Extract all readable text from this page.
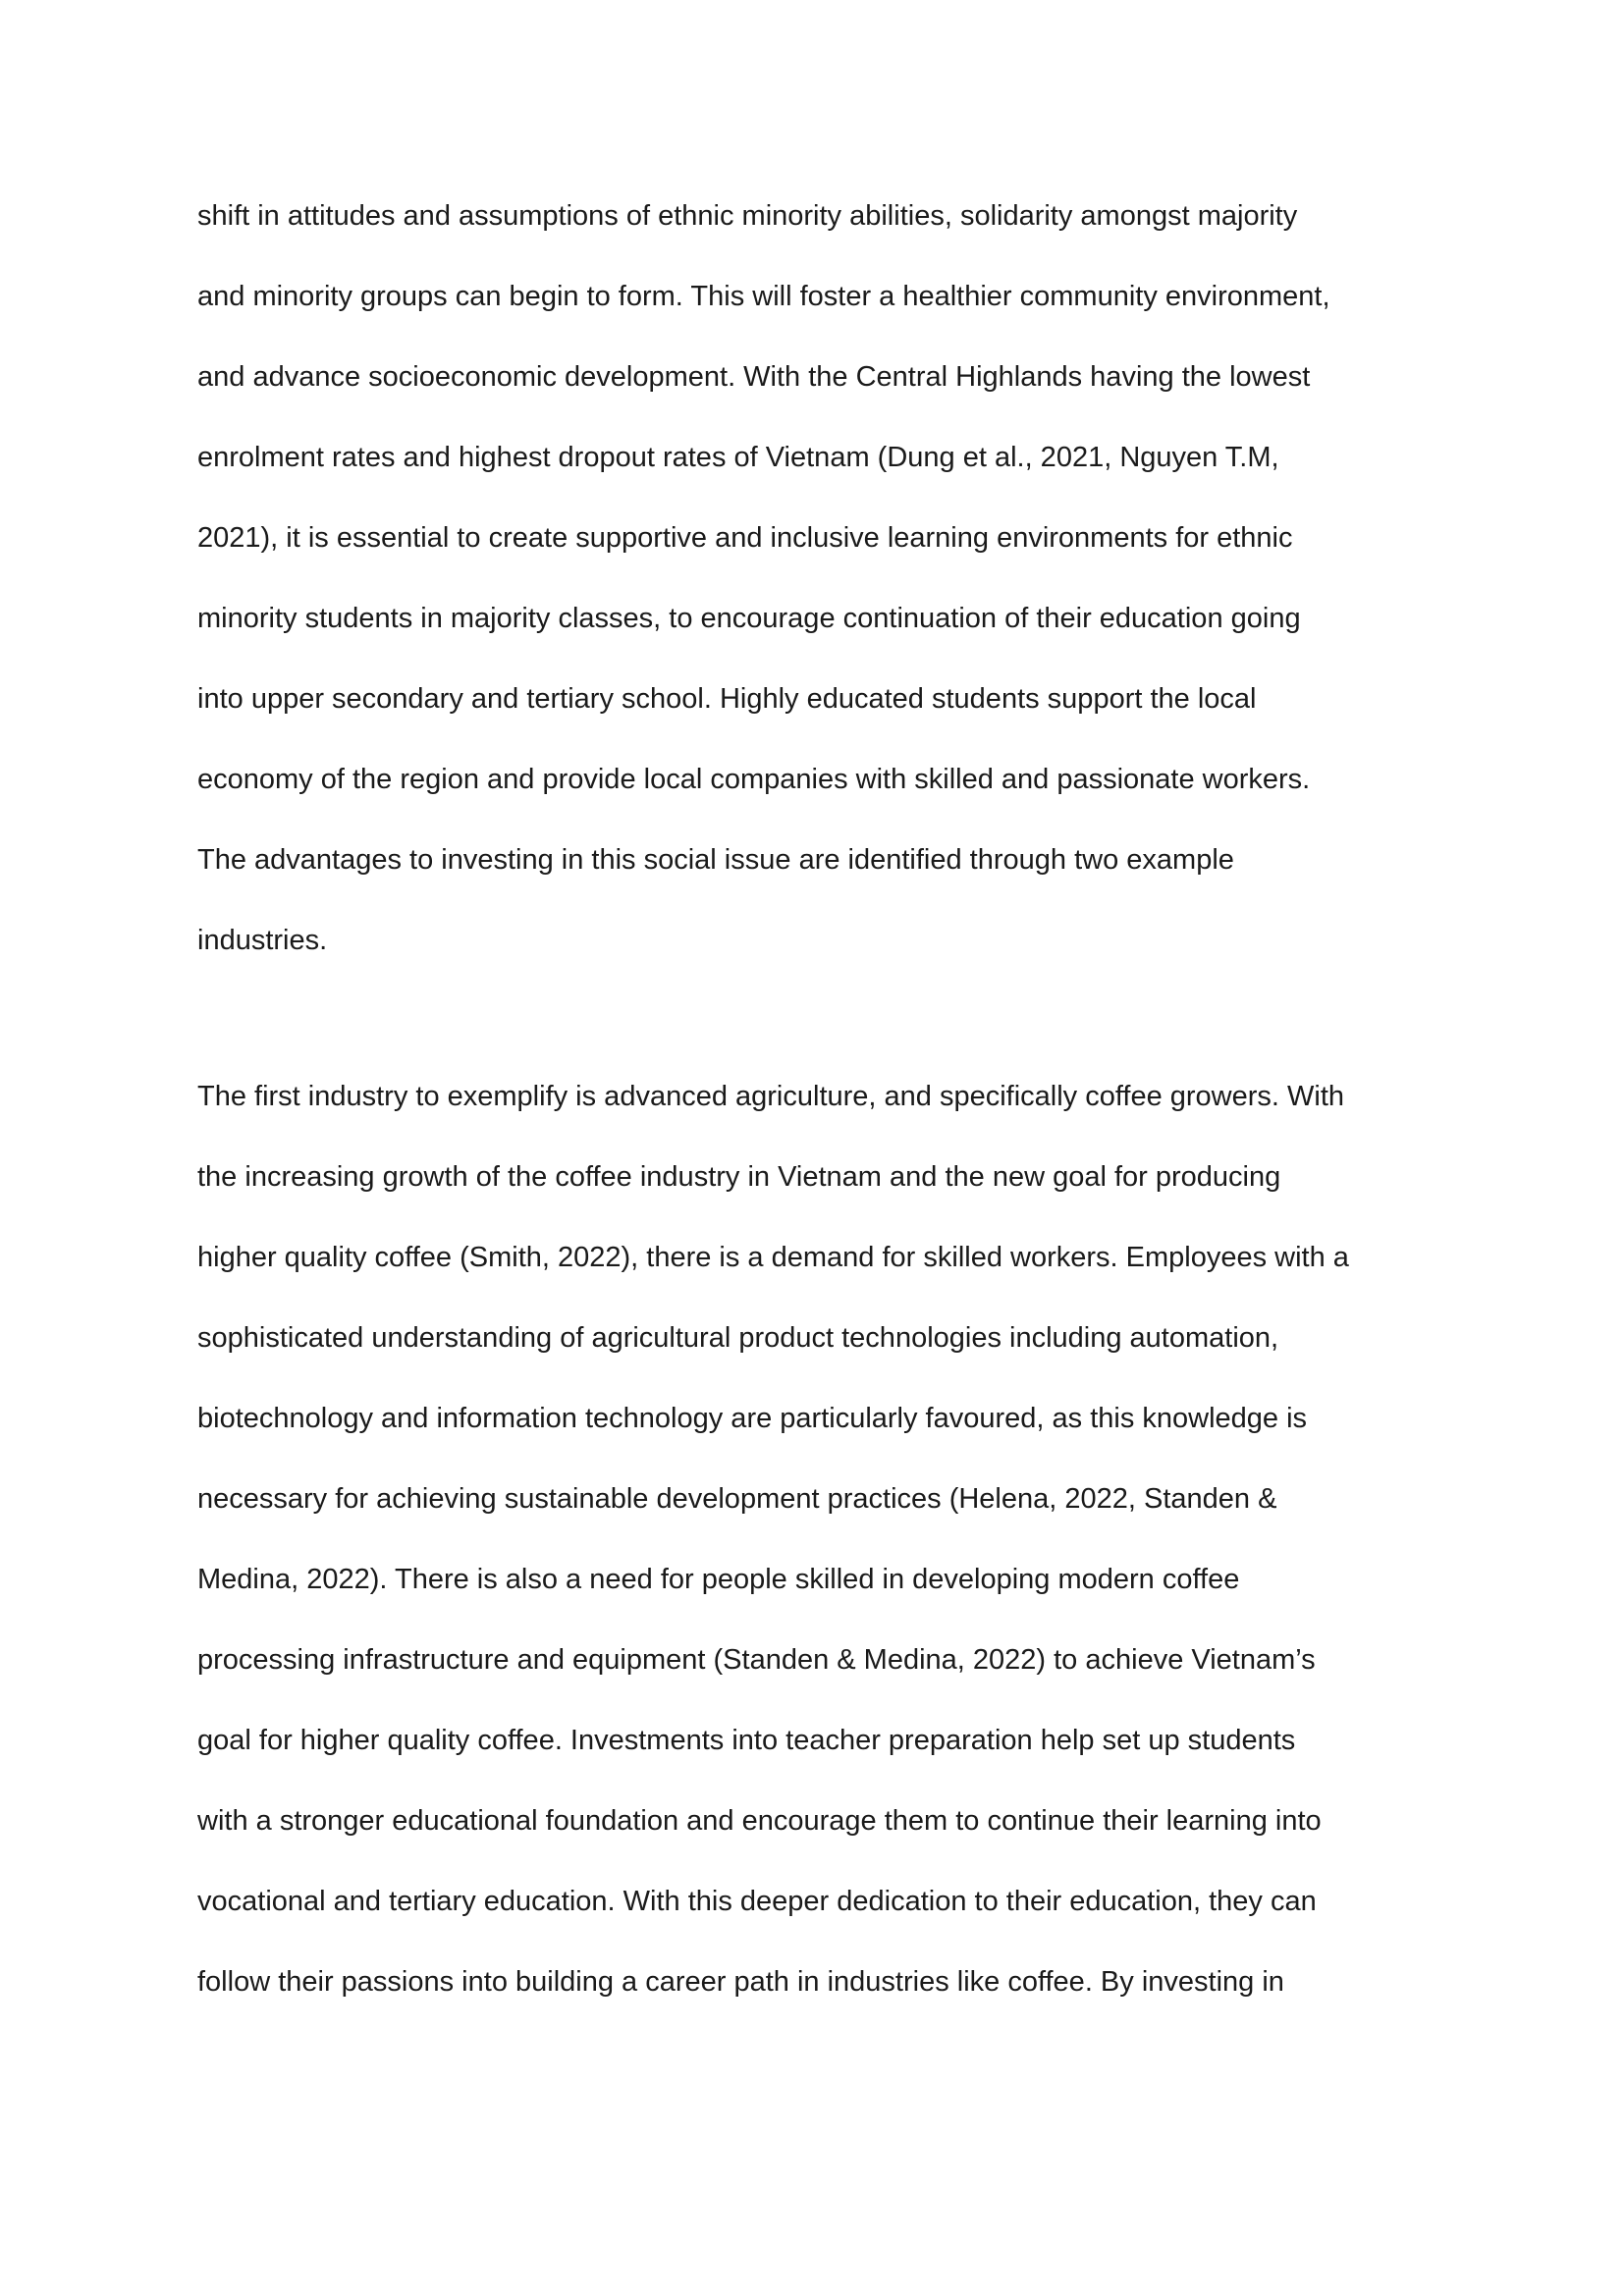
shift in attitudes and assumptions of ethnic minority abilities, solidarity amongst majority
and minority groups can begin to form. This will foster a healthier community environment,
and advance socioeconomic development. With the Central Highlands having the lowest
enrolment rates and highest dropout rates of Vietnam (Dung et al., 2021, Nguyen T.M,
2021), it is essential to create supportive and inclusive learning environments for ethnic
minority students in majority classes, to encourage continuation of their education going
into upper secondary and tertiary school. Highly educated students support the local
economy of the region and provide local companies with skilled and passionate workers.
The advantages to investing in this social issue are identified through two example
industries.
The first industry to exemplify is advanced agriculture, and specifically coffee growers. With
the increasing growth of the coffee industry in Vietnam and the new goal for producing
higher quality coffee (Smith, 2022), there is a demand for skilled workers. Employees with a
sophisticated understanding of agricultural product technologies including automation,
biotechnology and information technology are particularly favoured, as this knowledge is
necessary for achieving sustainable development practices (Helena, 2022, Standen &
Medina, 2022). There is also a need for people skilled in developing modern coffee
processing infrastructure and equipment (Standen & Medina, 2022) to achieve Vietnam’s
goal for higher quality coffee. Investments into teacher preparation help set up students
with a stronger educational foundation and encourage them to continue their learning into
vocational and tertiary education. With this deeper dedication to their education, they can
follow their passions into building a career path in industries like coffee. By investing in
